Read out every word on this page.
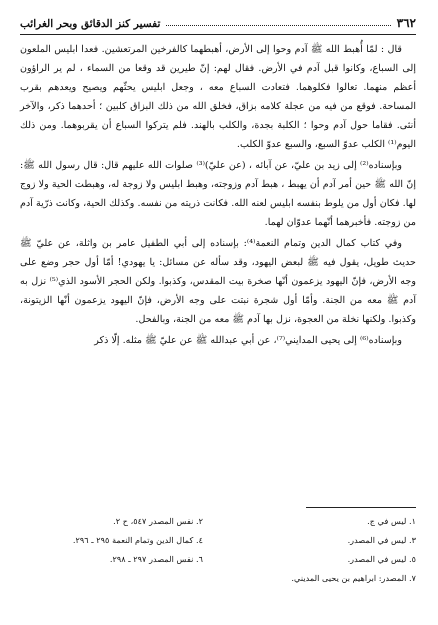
٣٦٢
تفسير كنز الدقائق وبحر الغرائب

قال : لمّا أُهبط الله ﷺ آدم وحوا إلى الأرض، أهبطهما كالفرخين المرتعشين. فعدا ابليس الملعون إلى السباع، وكانوا قبل آدم في الأرض. فقال لهم: إنّ طيرين قد وقعا من السماء ، لم ير الراؤون أعظم منهما. تعالوا فكلوهما. فتعادت السباع معه ، وجعل ابليس يحثّهم ويصيح ويعدهم بقرب المساحة. فوقع من فيه من عجلة كلامه بزاق، فخلق الله من ذلك البزاق كلبين ؛ أحدهما ذكر، والآخر أنثى. فقاما حول آدم وحوا ؛ الكلبة بجدة، والكلب بالهند. فلم يتركوا السباع أن يقربوهما. ومن ذلك اليوم⁽¹⁾ الكلب عدوّ السبع، والسبع عدوّ الكلب.

وبإسناده⁽²⁾ إلى زيد بن عليّ، عن آبائه ، (عن عليّ)⁽³⁾ صلوات الله عليهم قال: قال رسول الله ﷺ: إنّ الله ﷺ حين أمر آدم أن يهبط ، هبط آدم وزوجته، وهبط ابليس ولا زوجة له، وهبطت الحية ولا زوج لها. فكان أول من يلوط بنفسه ابليس لعنه الله. فكانت ذريته من نفسه. وكذلك الحية، وكانت ذرّية آدم من زوجته. فأخبرهما أنّهما عدوّان لهما.

وفي كتاب كمال الدين وتمام النعمة⁽⁴⁾: بإسناده إلى أبي الطفيل عامر بن واثلة، عن عليّ ﷺ حديث طويل، يقول فيه ﷺ لبعض اليهود، وقد سأله عن مسائل: يا يهودي! أمّا أول حجر وضع على وجه الأرض، فإنّ اليهود يزعمون أنّها صخرة بيت المقدس، وكذبوا. ولكن الحجر الأسود الذي⁽⁵⁾ نزل به آدم ﷺ معه من الجنة. وأمّا أول شجرة نبتت على وجه الأرض، فإنّ اليهود يزعمون أنّها الزيتونة، وكذبوا. ولكنها نخلة من العجوة، نزل بها آدم ﷺ معه من الجنة، وبالفحل.

وبإسناده⁽⁶⁾ إلى يحيى المدايني⁽⁷⁾، عن أبي عبدالله ﷺ عن عليّ ﷺ مثله. إلّا ذكر

١. ليس في ج.
٢. نفس المصدر ٥٤٧، ح ٢.
٣. ليس في المصدر.
٤. كمال الدين وتمام النعمة ٢٩٥ ـ ٢٩٦.
٥. ليس في المصدر.
٦. نفس المصدر ٢٩٧ ـ ٢٩٨.
٧. المصدر: ابراهيم بن يحيى المديني.
